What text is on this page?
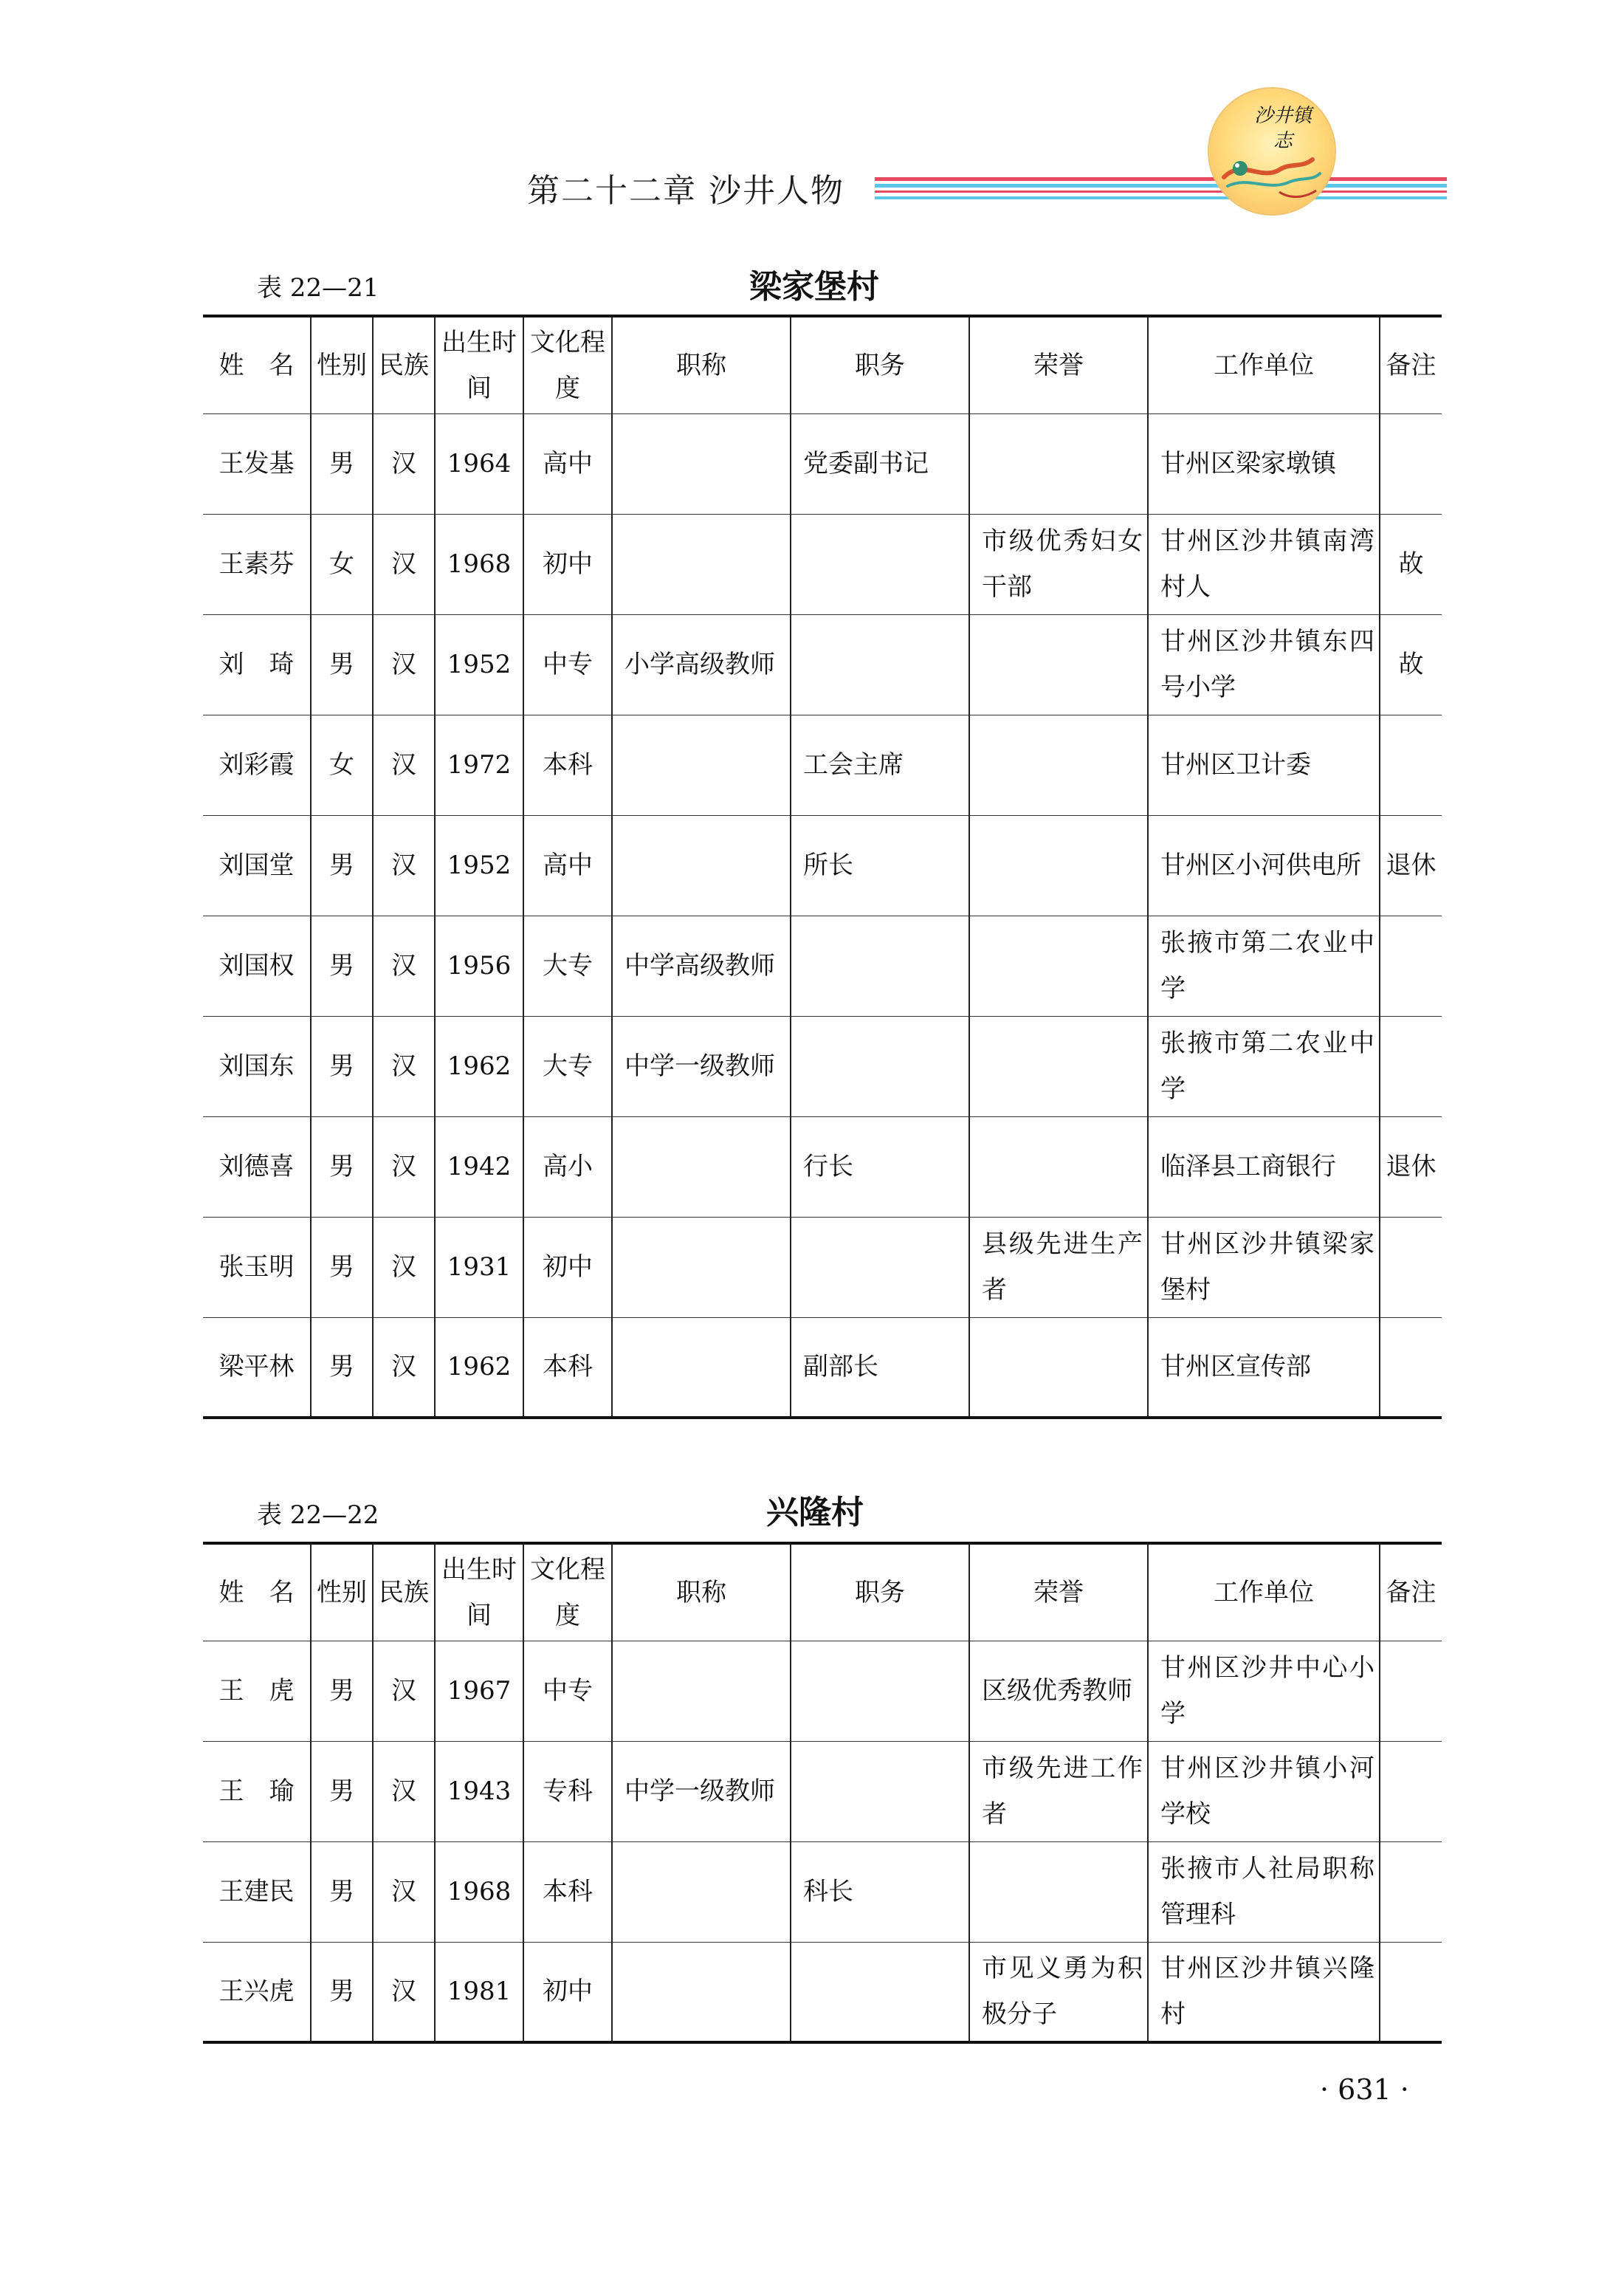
第二十二章 沙井人物
沙井镇志
表 22—21	梁家堡村
姓　名	性别	民族	出生时间	文化程度	职称	职务	荣誉	工作单位	备注
王发基	男	汉	1964	高中		党委副书记		甘州区梁家墩镇	
王素芬	女	汉	1968	初中			市级优秀妇女干部	甘州区沙井镇南湾村人	故
刘　琦	男	汉	1952	中专	小学高级教师			甘州区沙井镇东四号小学	故
刘彩霞	女	汉	1972	本科		工会主席		甘州区卫计委	
刘国堂	男	汉	1952	高中		所长		甘州区小河供电所	退休
刘国权	男	汉	1956	大专	中学高级教师			张掖市第二农业中学	
刘国东	男	汉	1962	大专	中学一级教师			张掖市第二农业中学	
刘德喜	男	汉	1942	高小		行长		临泽县工商银行	退休
张玉明	男	汉	1931	初中			县级先进生产者	甘州区沙井镇梁家堡村	
梁平林	男	汉	1962	本科		副部长		甘州区宣传部	
表 22—22	兴隆村
姓　名	性别	民族	出生时间	文化程度	职称	职务	荣誉	工作单位	备注
王　虎	男	汉	1967	中专			区级优秀教师	甘州区沙井中心小学	
王　瑜	男	汉	1943	专科	中学一级教师		市级先进工作者	甘州区沙井镇小河学校	
王建民	男	汉	1968	本科		科长		张掖市人社局职称管理科	
王兴虎	男	汉	1981	初中			市见义勇为积极分子	甘州区沙井镇兴隆村	
· 631 ·
